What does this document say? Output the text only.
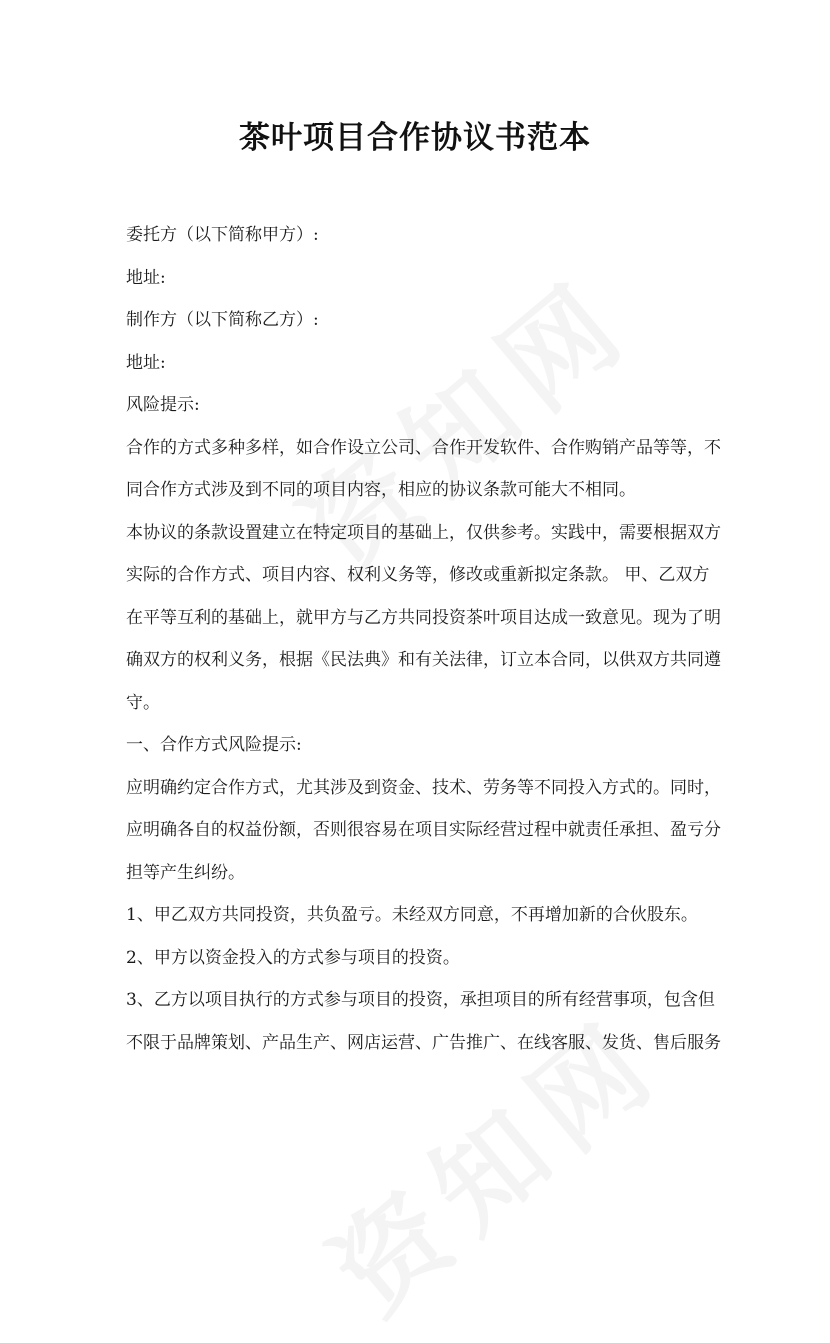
茶叶项目合作协议书范本
委托方（以下简称甲方）:
地址:
制作方（以下简称乙方）:
地址:
风险提示:
合作的方式多种多样，如合作设立公司、合作开发软件、合作购销产品等等，不
同合作方式涉及到不同的项目内容，相应的协议条款可能大不相同。
本协议的条款设置建立在特定项目的基础上，仅供参考。实践中，需要根据双方
实际的合作方式、项目内容、权利义务等，修改或重新拟定条款。 甲、乙双方
在平等互利的基础上，就甲方与乙方共同投资茶叶项目达成一致意见。现为了明
确双方的权利义务，根据《民法典》和有关法律，订立本合同，以供双方共同遵
守。
一、合作方式风险提示:
应明确约定合作方式，尤其涉及到资金、技术、劳务等不同投入方式的。同时，
应明确各自的权益份额，否则很容易在项目实际经营过程中就责任承担、盈亏分
担等产生纠纷。
1、甲乙双方共同投资，共负盈亏。未经双方同意，不再增加新的合伙股东。
2、甲方以资金投入的方式参与项目的投资。
3、乙方以项目执行的方式参与项目的投资，承担项目的所有经营事项，包含但
不限于品牌策划、产品生产、网店运营、广告推广、在线客服、发货、售后服务
